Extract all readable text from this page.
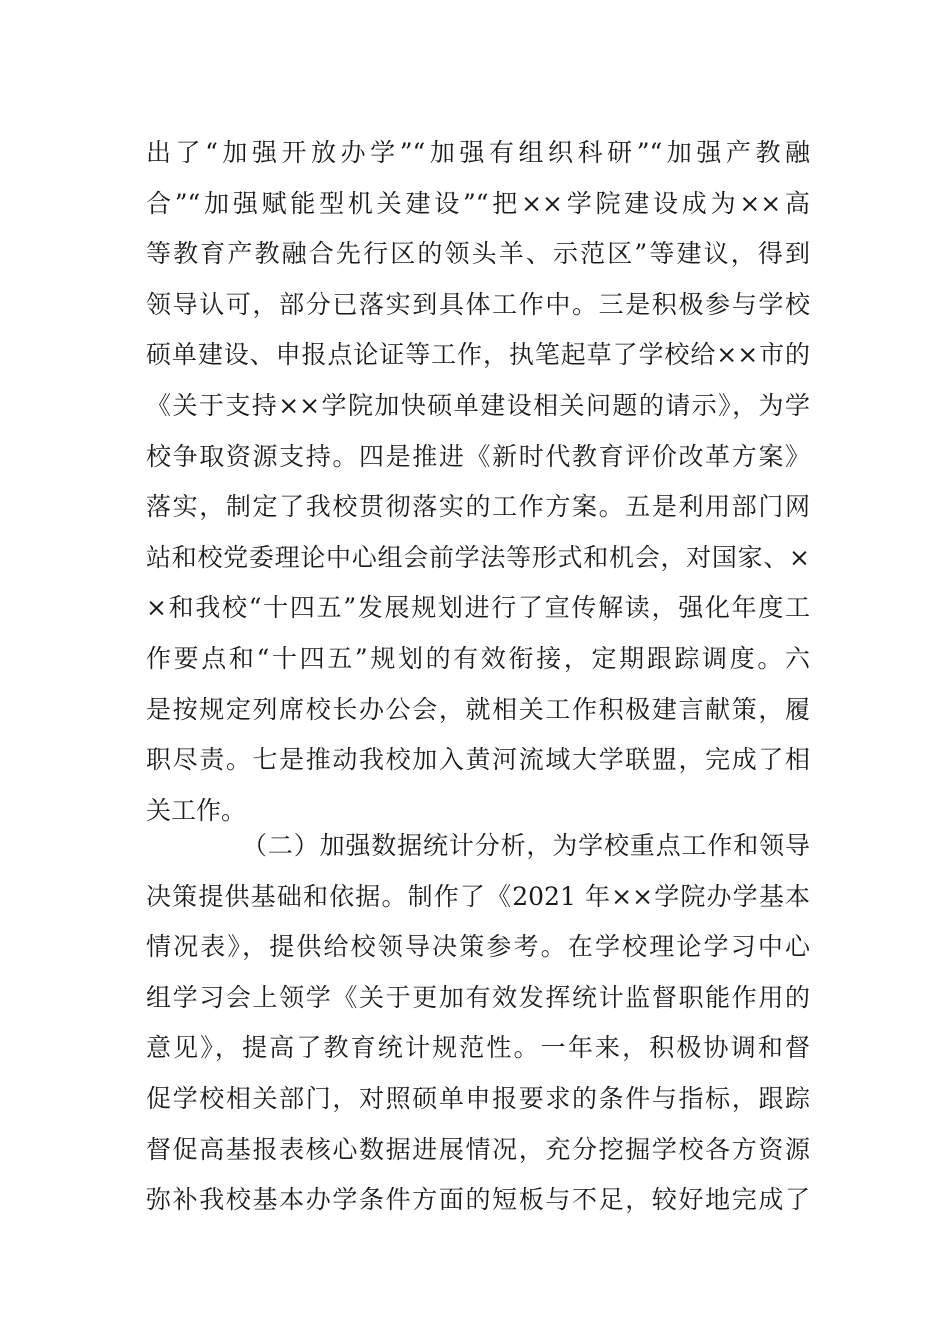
出了“加强开放办学”“加强有组织科研”“加强产教融
合”“加强赋能型机关建设”“把××学院建设成为××高
等教育产教融合先行区的领头羊、示范区”等建议，得到
领导认可，部分已落实到具体工作中。三是积极参与学校
硕单建设、申报点论证等工作，执笔起草了学校给××市的
《关于支持××学院加快硕单建设相关问题的请示》，为学
校争取资源支持。四是推进《新时代教育评价改革方案》
落实，制定了我校贯彻落实的工作方案。五是利用部门网
站和校党委理论中心组会前学法等形式和机会，对国家、×
×和我校“十四五”发展规划进行了宣传解读，强化年度工
作要点和“十四五”规划的有效衔接，定期跟踪调度。六
是按规定列席校长办公会，就相关工作积极建言献策，履
职尽责。七是推动我校加入黄河流域大学联盟，完成了相
关工作。
（二）加强数据统计分析，为学校重点工作和领导
决策提供基础和依据。制作了《2021 年××学院办学基本
情况表》，提供给校领导决策参考。在学校理论学习中心
组学习会上领学《关于更加有效发挥统计监督职能作用的
意见》，提高了教育统计规范性。一年来，积极协调和督
促学校相关部门，对照硕单申报要求的条件与指标，跟踪
督促高基报表核心数据进展情况，充分挖掘学校各方资源
弥补我校基本办学条件方面的短板与不足，较好地完成了
